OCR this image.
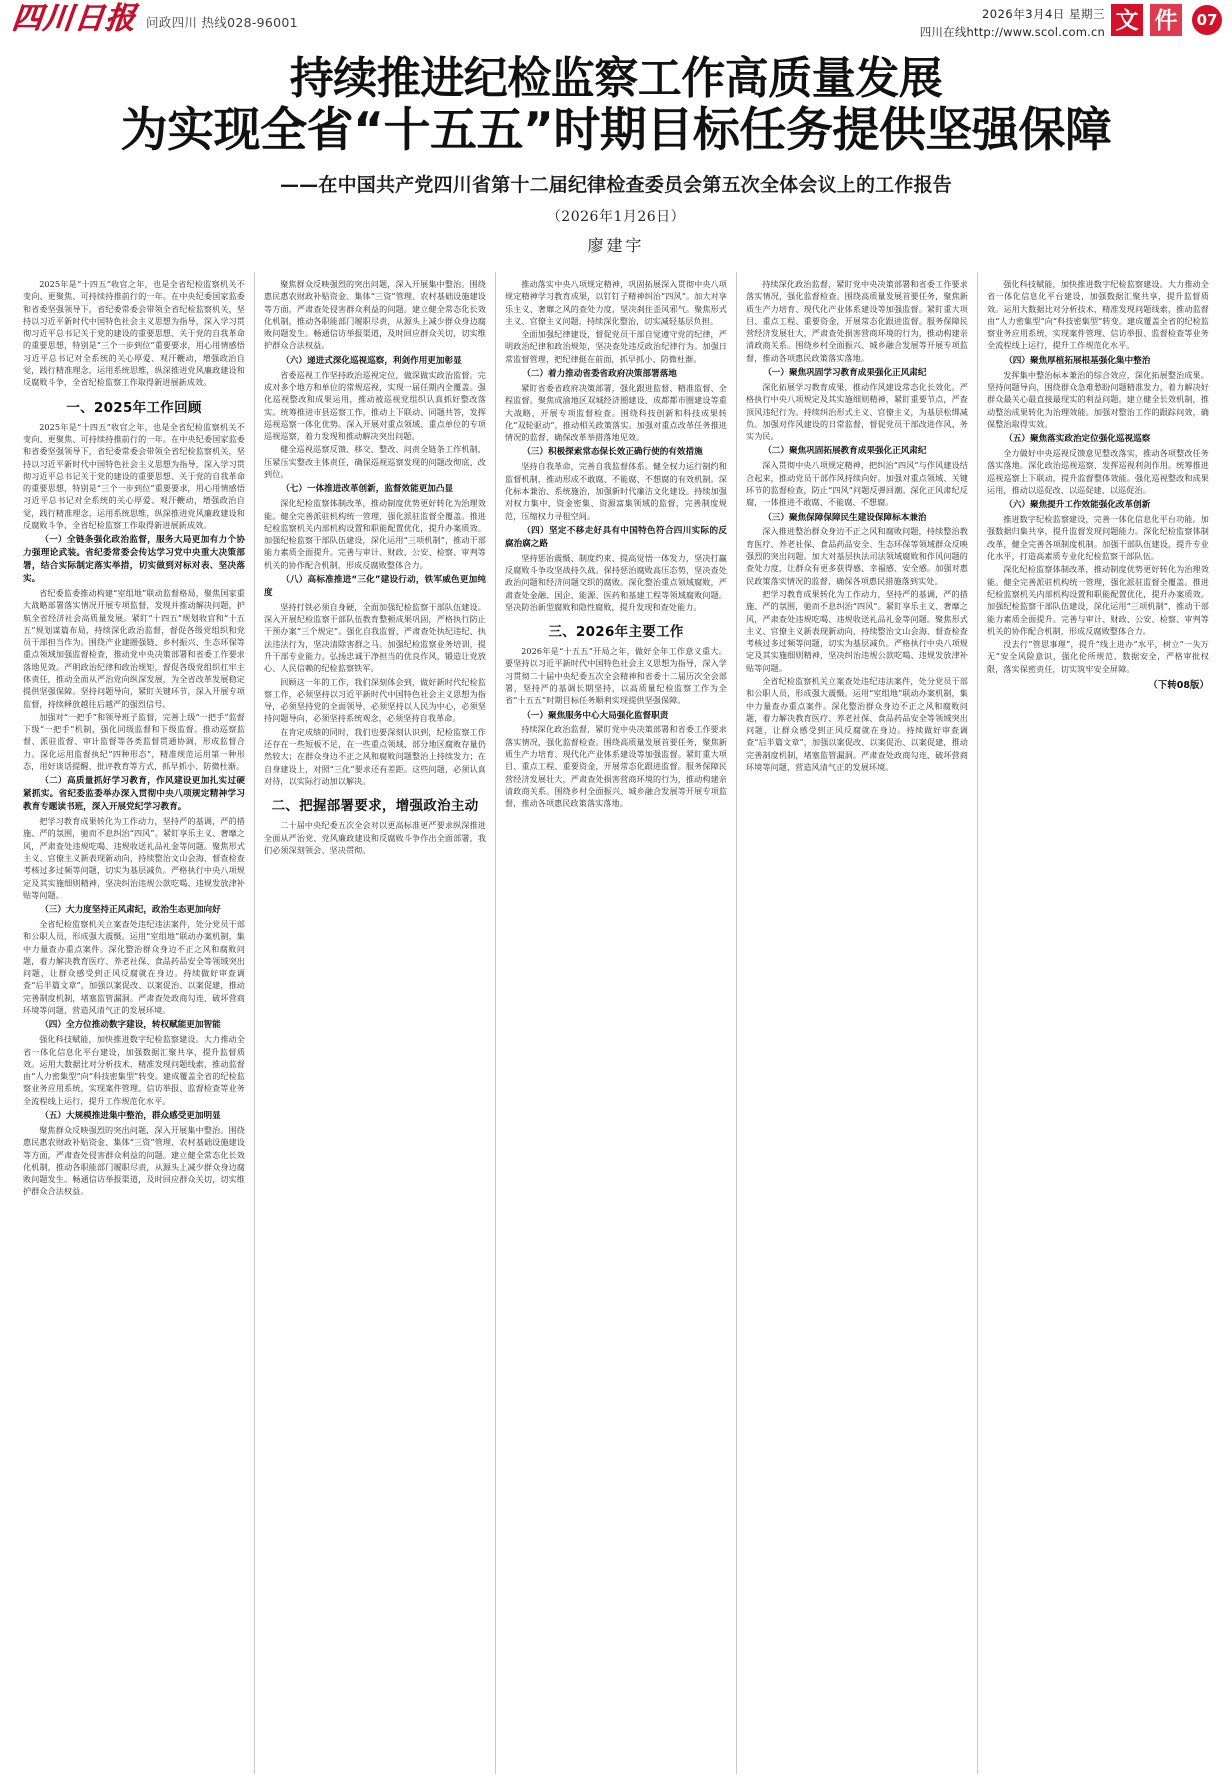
四川日报 问政四川 热线028-96001
2026年3月4日 星期三
四川在线http://www.scol.com.cn 文 件	07
持续推进纪检监察工作高质量发展
为实现全省“十五五”时期目标任务提供坚强保障
——在中国共产党四川省第十二届纪律检查委员会第五次全体会议上的工作报告
（2026年1月26日）
廖建宇

2025年是“十四五”收官之年，也是全省纪检监察机关不变向、更聚焦、可持续持推前行的一年。在中央纪委国家监委和省委坚强领导下，省纪委常委会带领全省纪检监察机关，坚持以习近平新时代中国特色社会主义思想为指导，深入学习贯彻习近平总书记关于党的建设的重要思想、关于党的自我革命的重要思想，特别是“三个一步到位”重要要求，用心用情感悟习近平总书记对全系统的关心厚爱、观汗鞭动，增强政治自觉，践行精准理念，运用系统思维，纵深推进党风廉政建设和反腐败斗争，全省纪检监察工作取得新进展新成效。

一、2025年工作回顾

2025年是“十四五”收官之年，也是全省纪检监察机关不变向、更聚焦、可持续持推前行的一年。在中央纪委国家监委和省委坚强领导下，省纪委常委会带领全省纪检监察机关，坚持以习近平新时代中国特色社会主义思想为指导，深入学习贯彻习近平总书记关于党的建设的重要思想、关于党的自我革命的重要思想，特别是“三个一步到位”重要要求，用心用情感悟习近平总书记对全系统的关心厚爱、观汗鞭动，增强政治自觉，践行精准理念，运用系统思维，纵深推进党风廉政建设和反腐败斗争，全省纪检监察工作取得新进展新成效。

（一）全链条强化政治监督，服务大局更加有力个协力强理论武装。省纪委常委会传达学习党中央重大决策部署，结合实际制定落实举措，切实做到对标对表、坚决落实。

省纪委监委推动构建“室组地”联动监督格局，聚焦国家重大战略部署落实情况开展专项监督，发现并推动解决问题，护航全省经济社会高质量发展。紧盯“十四五”规划收官和“十五五”规划谋篇布局，持续深化政治监督，督促各级党组织和党员干部担当作为。围绕产业建圈强链、乡村振兴、生态环保等重点领域加强监督检查，推动党中央决策部署和省委工作要求落地见效。严明政治纪律和政治规矩，督促各级党组织扛牢主体责任，推动全面从严治党向纵深发展，为全省改革发展稳定提供坚强保障。坚持问题导向，紧盯关键环节，深入开展专项监督，持续释放越往后越严的强烈信号。

加强对“一把手”和领导班子监督，完善上级“一把手”监督下级“一把手”机制，强化同级监督和下级监督。推动巡察监督、派驻监督、审计监督等各类监督贯通协调，形成监督合力。深化运用监督执纪“四种形态”，精准规范运用第一种形态，用好谈话提醒、批评教育等方式，抓早抓小、防微杜渐。

（二）高质量抓好学习教育，作风建设更加扎实过硬紧抓实。省纪委监委举办深入贯彻中央八项规定精神学习教育专题读书班，深入开展党纪学习教育。

把学习教育成果转化为工作动力，坚持严的基调，严的措施、严的氛围，驰而不息纠治“四风”。紧盯享乐主义、奢靡之风，严肃查处违规吃喝、违规收送礼品礼金等问题。聚焦形式主义、官僚主义新表现新动向，持续整治文山会海、督查检查考核过多过频等问题，切实为基层减负。严格执行中央八项规定及其实施细则精神，坚决纠治违规公款吃喝、违规发放津补贴等问题。

（三）大力度坚持正风肃纪，政治生态更加向好

全省纪检监察机关立案查处违纪违法案件，处分党员干部和公职人员，形成强大震慑。运用“室组地”联动办案机制，集中力量查办重点案件。深化整治群众身边不正之风和腐败问题，着力解决教育医疗、养老社保、食品药品安全等领域突出问题，让群众感受到正风反腐就在身边。持续做好审查调查“后半篇文章”，加强以案促改、以案促治、以案促建，推动完善制度机制，堵塞监管漏洞。严肃查处政商勾连、破坏营商环境等问题，营造风清气正的发展环境。

（四）全方位推动数字建设，转权赋能更加智能

强化科技赋能，加快推进数字纪检监察建设。大力推动全省一体化信息化平台建设，加强数据汇聚共享，提升监督质效。运用大数据比对分析技术，精准发现问题线索，推动监督由“人力密集型”向“科技密集型”转变。建成覆盖全省的纪检监察业务应用系统，实现案件管理、信访举报、监督检查等业务全流程线上运行，提升工作规范化水平。

（五）大规模推进集中整治，群众感受更加明显

聚焦群众反映强烈的突出问题，深入开展集中整治。围绕惠民惠农财政补贴资金、集体“三资”管理、农村基础设施建设等方面，严肃查处侵害群众利益的问题。建立健全常态化长效化机制，推动各职能部门履职尽责，从源头上减少群众身边腐败问题发生。畅通信访举报渠道，及时回应群众关切，切实维护群众合法权益。

聚焦群众反映强烈的突出问题，深入开展集中整治。围绕惠民惠农财政补贴资金、集体“三资”管理、农村基础设施建设等方面，严肃查处侵害群众利益的问题。建立健全常态化长效化机制，推动各职能部门履职尽责，从源头上减少群众身边腐败问题发生。畅通信访举报渠道，及时回应群众关切，切实维护群众合法权益。

（六）递进式深化巡视巡察，利剑作用更加彰显

省委巡视工作坚持政治巡视定位，做深做实政治监督。完成对多个地方和单位的常规巡视，实现一届任期内全覆盖。强化巡视整改和成果运用，推动被巡视党组织认真抓好整改落实。统筹推进市县巡察工作，推动上下联动、同题共答，发挥巡视巡察一体化优势。深入开展对重点领域、重点单位的专项巡视巡察，着力发现和推动解决突出问题。

健全巡视巡察反馈、移交、整改、问责全链条工作机制，压紧压实整改主体责任，确保巡视巡察发现的问题改彻底、改到位。

（七）一体推进改革创新，监督效能更加凸显

深化纪检监察体制改革，推动制度优势更好转化为治理效能。健全完善派驻机构统一管理，强化派驻监督全覆盖。推进纪检监察机关内部机构设置和职能配置优化，提升办案质效。加强纪检监察干部队伍建设，深化运用“三项机制”，推动干部能力素质全面提升。完善与审计、财政、公安、检察、审判等机关的协作配合机制，形成反腐败整体合力。

（八）高标准推进“三化”建设行动，铁军威色更加纯度

坚持打铁必须自身硬，全面加强纪检监察干部队伍建设。深入开展纪检监察干部队伍教育整顿成果巩固，严格执行防止干预办案“三个规定”。强化自我监督，严肃查处执纪违纪、执法违法行为，坚决清除害群之马。加强纪检监察业务培训，提升干部专业能力。弘扬忠诚干净担当的优良作风，锻造让党放心、人民信赖的纪检监察铁军。

回顾这一年的工作，我们深刻体会到，做好新时代纪检监察工作，必须坚持以习近平新时代中国特色社会主义思想为指导，必须坚持党的全面领导，必须坚持以人民为中心，必须坚持问题导向，必须坚持系统观念，必须坚持自我革命。

在肯定成绩的同时，我们也要深刻认识到，纪检监察工作还存在一些短板不足，在一些重点领域、部分地区腐败存量仍然较大；在群众身边不正之风和腐败问题整治上持续发力；在自身建设上，对照“三化”要求还有差距。这些问题，必须认真对待，以实际行动加以解决。

二、把握部署要求，增强政治主动

二十届中央纪委五次全会对以更高标准更严要求纵深推进全面从严治党、党风廉政建设和反腐败斗争作出全面部署，我们必须深刻领会、坚决贯彻。

推动落实中央八项规定精神，巩固拓展深入贯彻中央八项规定精神学习教育成果，以钉钉子精神纠治“四风”。加大对享乐主义、奢靡之风的查处力度，坚决刹住歪风邪气。聚焦形式主义、官僚主义问题，持续深化整治，切实减轻基层负担。

全面加强纪律建设，督促党员干部自觉遵守党的纪律，严明政治纪律和政治规矩，坚决查处违反政治纪律行为。加强日常监督管理，把纪律挺在前面，抓早抓小、防微杜渐。

（二）着力推动省委省政府决策部署落地

紧盯省委省政府决策部署，强化跟进监督、精准监督、全程监督。聚焦成渝地区双城经济圈建设、成都都市圈建设等重大战略，开展专项监督检查。围绕科技创新和科技成果转化“双轮驱动”，推动相关政策落实。加强对重点改革任务推进情况的监督，确保改革举措落地见效。

（三）积极探索常态保长效正确行使的有效措施

坚持自我革命，完善自我监督体系。健全权力运行制约和监督机制，推动形成不敢腐、不能腐、不想腐的有效机制。深化标本兼治、系统施治，加强新时代廉洁文化建设。持续加强对权力集中、资金密集、资源富集领域的监督，完善制度规范，压缩权力寻租空间。

（四）坚定不移走好具有中国特色符合四川实际的反腐治腐之路

坚持惩治震慑、制度约束、提高觉悟一体发力，坚决打赢反腐败斗争攻坚战持久战。保持惩治腐败高压态势，坚决查处政治问题和经济问题交织的腐败。深化整治重点领域腐败，严肃查处金融、国企、能源、医药和基建工程等领域腐败问题。坚决防治新型腐败和隐性腐败，提升发现和查处能力。

三、2026年主要工作

2026年是“十五五”开局之年，做好全年工作意义重大。要坚持以习近平新时代中国特色社会主义思想为指导，深入学习贯彻二十届中央纪委五次全会精神和省委十二届历次全会部署，坚持严的基调长期坚持，以高质量纪检监察工作为全省“十五五”时期目标任务顺利实现提供坚强保障。

（一）聚焦服务中心大局强化监督职责

持续深化政治监督，紧盯党中央决策部署和省委工作要求落实情况，强化监督检查。围绕高质量发展首要任务，聚焦新质生产力培育、现代化产业体系建设等加强监督。紧盯重大项目、重点工程、重要资金，开展常态化跟进监督。服务保障民营经济发展壮大，严肃查处损害营商环境的行为，推动构建亲清政商关系。围绕乡村全面振兴、城乡融合发展等开展专项监督，推动各项惠民政策落实落地。

持续深化政治监督，紧盯党中央决策部署和省委工作要求落实情况，强化监督检查。围绕高质量发展首要任务，聚焦新质生产力培育、现代化产业体系建设等加强监督。紧盯重大项目、重点工程、重要资金，开展常态化跟进监督。服务保障民营经济发展壮大，严肃查处损害营商环境的行为，推动构建亲清政商关系。围绕乡村全面振兴、城乡融合发展等开展专项监督，推动各项惠民政策落实落地。

（一）聚焦巩固学习教育成果强化正风肃纪

深化拓展学习教育成果，推动作风建设常态化长效化。严格执行中央八项规定及其实施细则精神，紧盯重要节点，严查顶风违纪行为。持续纠治形式主义、官僚主义，为基层松绑减负。加强对作风建设的日常监督，督促党员干部改进作风、务实为民。

（二）聚焦巩固拓展教育成果强化正风肃纪

深入贯彻中央八项规定精神，把纠治“四风”与作风建设结合起来，推动党员干部作风持续向好。加强对重点领域、关键环节的监督检查，防止“四风”问题反弹回潮。深化正风肃纪反腐，一体推进不敢腐、不能腐、不想腐。

（三）聚焦保障保障民生建设保障标本兼治

深入推进整治群众身边不正之风和腐败问题，持续整治教育医疗、养老社保、食品药品安全、生态环保等领域群众反映强烈的突出问题。加大对基层执法司法领域腐败和作风问题的查处力度，让群众有更多获得感、幸福感、安全感。加强对惠民政策落实情况的监督，确保各项惠民措施落到实处。

把学习教育成果转化为工作动力，坚持严的基调，严的措施、严的氛围，驰而不息纠治“四风”。紧盯享乐主义、奢靡之风，严肃查处违规吃喝、违规收送礼品礼金等问题。聚焦形式主义、官僚主义新表现新动向，持续整治文山会海、督查检查考核过多过频等问题，切实为基层减负。严格执行中央八项规定及其实施细则精神，坚决纠治违规公款吃喝、违规发放津补贴等问题。

全省纪检监察机关立案查处违纪违法案件，处分党员干部和公职人员，形成强大震慑。运用“室组地”联动办案机制，集中力量查办重点案件。深化整治群众身边不正之风和腐败问题，着力解决教育医疗、养老社保、食品药品安全等领域突出问题，让群众感受到正风反腐就在身边。持续做好审查调查“后半篇文章”，加强以案促改、以案促治、以案促建，推动完善制度机制，堵塞监管漏洞。严肃查处政商勾连、破坏营商环境等问题，营造风清气正的发展环境。

强化科技赋能，加快推进数字纪检监察建设。大力推动全省一体化信息化平台建设，加强数据汇聚共享，提升监督质效。运用大数据比对分析技术，精准发现问题线索，推动监督由“人力密集型”向“科技密集型”转变。建成覆盖全省的纪检监察业务应用系统，实现案件管理、信访举报、监督检查等业务全流程线上运行，提升工作规范化水平。

（四）聚焦厚植拓展根基强化集中整治

发挥集中整治标本兼治的综合效应，深化拓展整治成果。坚持问题导向，围绕群众急难愁盼问题精准发力，着力解决好群众最关心最直接最现实的利益问题。建立健全长效机制，推动整治成果转化为治理效能。加强对整治工作的跟踪问效，确保整治取得实效。

（五）聚焦落实政治定位强化巡视巡察

全力做好中央巡视反馈意见整改落实，推动各项整改任务落实落地。深化政治巡视巡察，发挥巡视利剑作用。统筹推进巡视巡察上下联动，提升监督整体效能。强化巡视整改和成果运用，推动以巡促改、以巡促建、以巡促治。

（六）聚焦提升工作效能强化改革创新

推进数字纪检监察建设，完善一体化信息化平台功能。加强数据归集共享，提升监督发现问题能力。深化纪检监察体制改革，健全完善各项制度机制。加强干部队伍建设，提升专业化水平，打造高素质专业化纪检监察干部队伍。

深化纪检监察体制改革，推动制度优势更好转化为治理效能。健全完善派驻机构统一管理，强化派驻监督全覆盖。推进纪检监察机关内部机构设置和职能配置优化，提升办案质效。加强纪检监察干部队伍建设，深化运用“三项机制”，推动干部能力素质全面提升。完善与审计、财政、公安、检察、审判等机关的协作配合机制，形成反腐败整体合力。

没去行“管思事理”，提升“线上进办”水平，树立“一失万无”安全风险意识，强化伦所规范、数据安全，严格审批权限，落实保密责任，切实筑牢安全屏障。

（下转08版）
